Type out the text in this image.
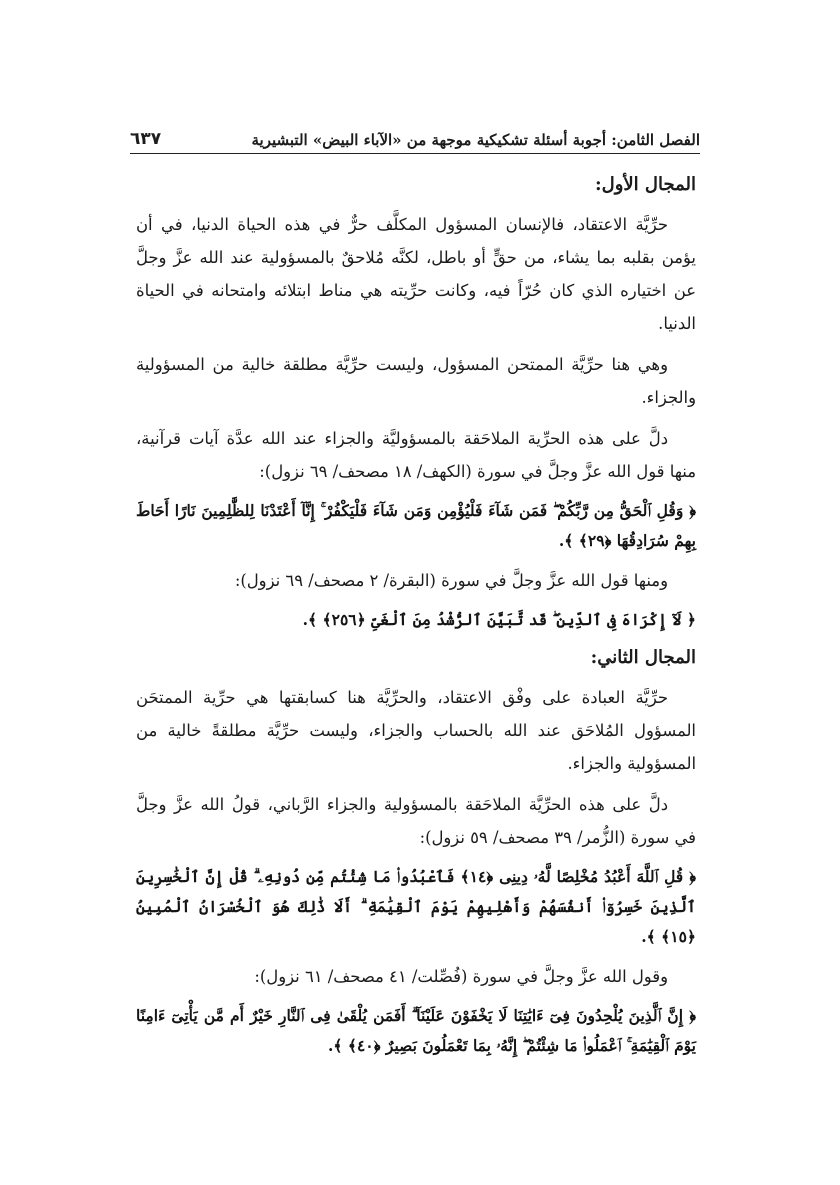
الفصل الثامن: أجوبة أسئلة تشكيكية موجهة من «الآباء البيض» التبشيرية
٦٣٧
المجال الأول:

حرِّيَّة الاعتقاد، فالإنسان المسؤول المكلَّف حرٌّ في هذه الحياة الدنيا، في أن يؤمن بقلبه بما يشاء، من حقٍّ أو باطل، لكنَّه مُلاحقٌ بالمسؤولية عند الله عزَّ وجلَّ عن اختياره الذي كان حُرّاً فيه، وكانت حرِّيته هي مناط ابتلائه وامتحانه في الحياة الدنيا.

وهي هنا حرِّيَّة الممتحن المسؤول، وليست حرِّيَّة مطلقة خالية من المسؤولية والجزاء.

دلَّ على هذه الحرِّية الملاحَقة بالمسؤوليَّة والجزاء عند الله عدَّة آيات قرآنية، منها قول الله عزَّ وجلَّ في سورة (الكهف/ ١٨ مصحف/ ٦٩ نزول):

﴿ وَقُلِ ٱلْحَقُّ مِن رَّبِّكُمْ ۖ فَمَن شَآءَ فَلْيُؤْمِن وَمَن شَآءَ فَلْيَكْفُرْ ۚ إِنَّآ أَعْتَدْنَا لِلظَّٰلِمِينَ نَارًا أَحَاطَ بِهِمْ سُرَادِقُهَا ﴿٢٩﴾ ﴾.

ومنها قول الله عزَّ وجلَّ في سورة (البقرة/ ٢ مصحف/ ٦٩ نزول):

﴿ لَآ إِكْرَاهَ فِى ٱلدِّينِ ۖ قَد تَّبَيَّنَ ٱلرُّشْدُ مِنَ ٱلْغَىِّ ﴿٢٥٦﴾ ﴾.
المجال الثاني:

حرِّيَّة العبادة على وفْق الاعتقاد، والحرِّيَّة هنا كسابقتها هي حرِّية الممتحَن المسؤول المُلاحَق عند الله بالحساب والجزاء، وليست حرِّيَّة مطلقةً خالية من المسؤولية والجزاء.

دلَّ على هذه الحرِّيَّة الملاحَقة بالمسؤولية والجزاء الرَّباني، قولُ الله عزَّ وجلَّ في سورة (الزُّمر/ ٣٩ مصحف/ ٥٩ نزول):

﴿ قُلِ ٱللَّهَ أَعْبُدُ مُخْلِصًا لَّهُۥ دِينِى ﴿١٤﴾ فَٱعْبُدُوا۟ مَا شِئْتُم مِّن دُونِهِۦ ۗ قُلْ إِنَّ ٱلْخَٰسِرِينَ ٱلَّذِينَ خَسِرُوٓا۟ أَنفُسَهُمْ وَأَهْلِيهِمْ يَوْمَ ٱلْقِيَٰمَةِ ۗ أَلَا ذَٰلِكَ هُوَ ٱلْخُسْرَانُ ٱلْمُبِينُ ﴿١٥﴾ ﴾.

وقول الله عزَّ وجلَّ في سورة (فُصِّلت/ ٤١ مصحف/ ٦١ نزول):

﴿ إِنَّ ٱلَّذِينَ يُلْحِدُونَ فِىٓ ءَايَٰتِنَا لَا يَخْفَوْنَ عَلَيْنَآ ۗ أَفَمَن يُلْقَىٰ فِى ٱلنَّارِ خَيْرٌ أَم مَّن يَأْتِىٓ ءَامِنًا يَوْمَ ٱلْقِيَٰمَةِ ۚ ٱعْمَلُوا۟ مَا شِئْتُمْ ۖ إِنَّهُۥ بِمَا تَعْمَلُونَ بَصِيرٌ ﴿٤٠﴾ ﴾.
